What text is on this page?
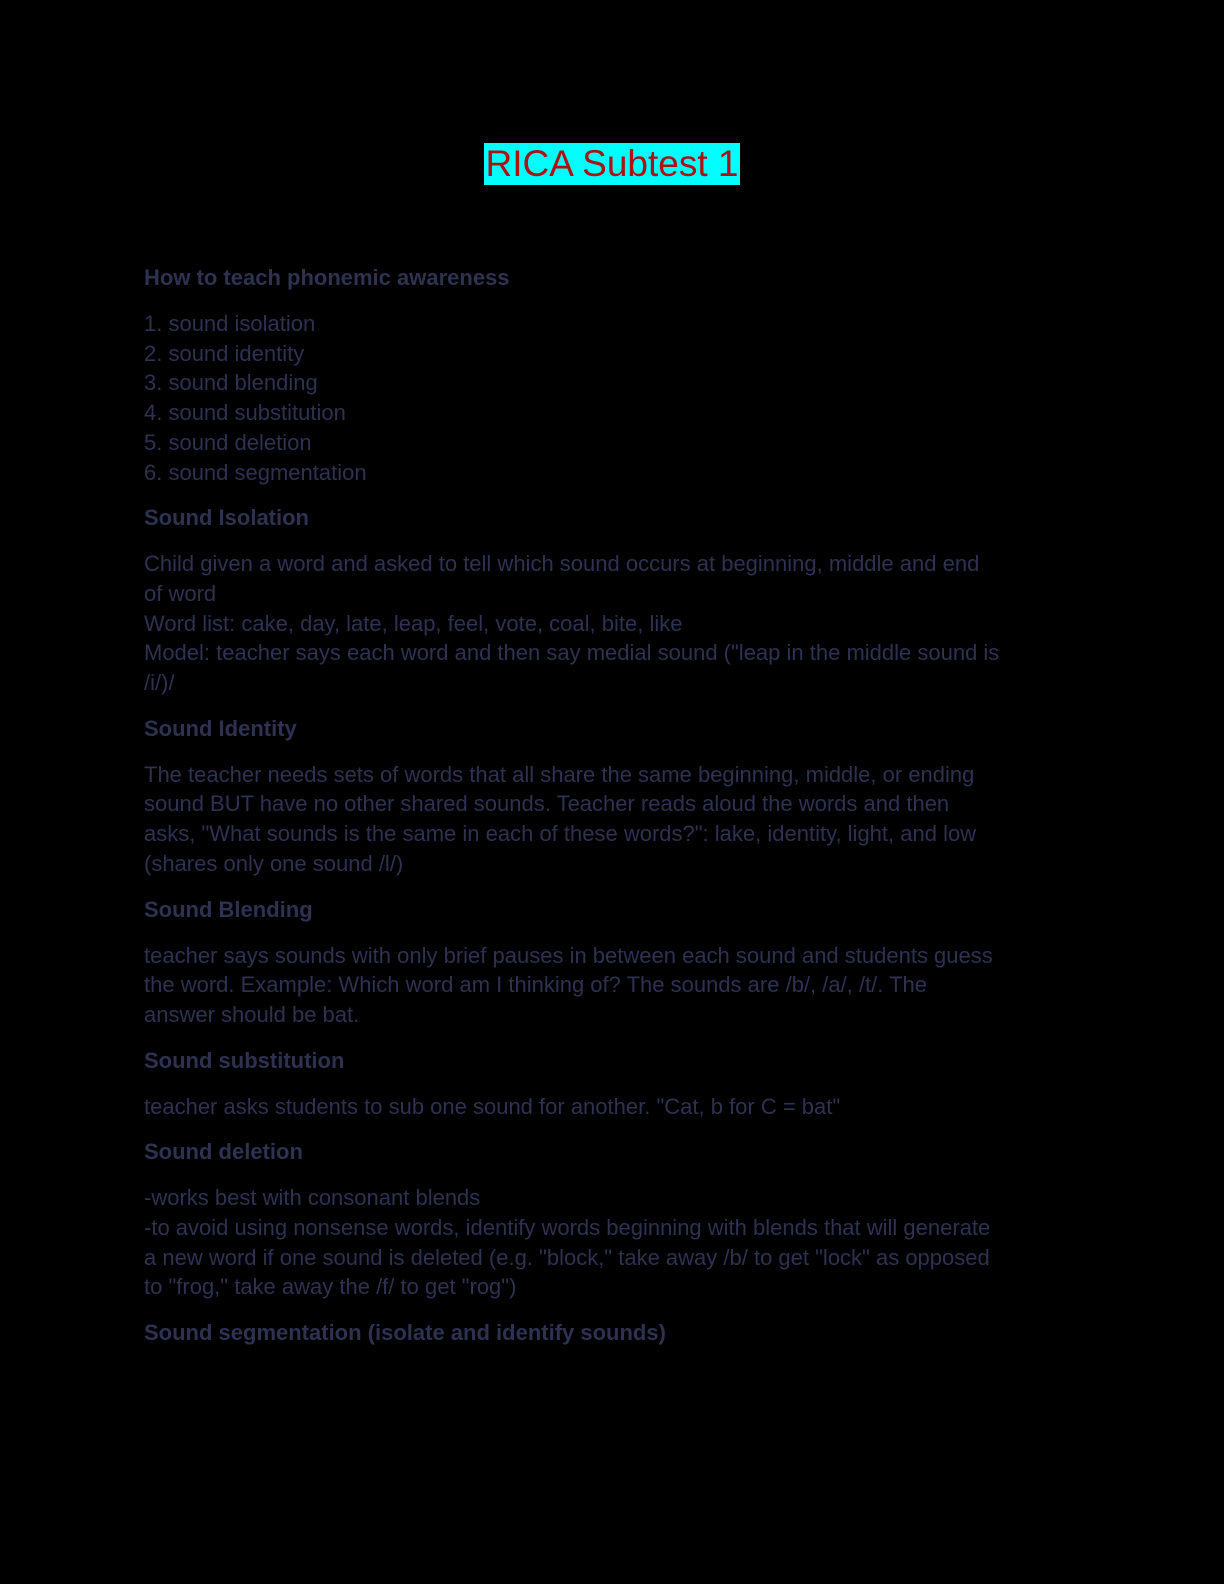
RICA Subtest 1
How to teach phonemic awareness
1. sound isolation
2. sound identity
3. sound blending
4. sound substitution
5. sound deletion
6. sound segmentation
Sound Isolation
Child given a word and asked to tell which sound occurs at beginning, middle and end
of word
Word list: cake, day, late, leap, feel, vote, coal, bite, like
Model: teacher says each word and then say medial sound ("leap in the middle sound is
/i/)/
Sound Identity
The teacher needs sets of words that all share the same beginning, middle, or ending
sound BUT have no other shared sounds. Teacher reads aloud the words and then
asks, "What sounds is the same in each of these words?": lake, identity, light, and low
(shares only one sound /l/)
Sound Blending
teacher says sounds with only brief pauses in between each sound and students guess
the word. Example: Which word am I thinking of? The sounds are /b/, /a/, /t/. The
answer should be bat.
Sound substitution
teacher asks students to sub one sound for another. "Cat, b for C = bat"
Sound deletion
-works best with consonant blends
-to avoid using nonsense words, identify words beginning with blends that will generate
a new word if one sound is deleted (e.g. "block," take away /b/ to get "lock" as opposed
to "frog," take away the /f/ to get "rog")
Sound segmentation (isolate and identify sounds)
